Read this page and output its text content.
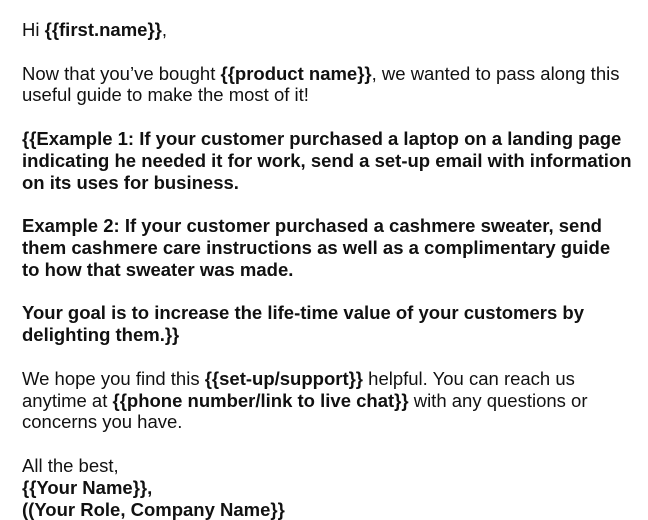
Hi {{first.name}},

Now that you’ve bought {{product name}}, we wanted to pass along this useful guide to make the most of it!

{{Example 1: If your customer purchased a laptop on a landing page indicating he needed it for work, send a set-up email with information on its uses for business.

Example 2: If your customer purchased a cashmere sweater, send them cashmere care instructions as well as a complimentary guide to how that sweater was made.

Your goal is to increase the life-time value of your customers by delighting them.}}

We hope you find this {{set-up/support}} helpful. You can reach us anytime at {{phone number/link to live chat}} with any questions or concerns you have.

All the best,
{{Your Name}},
((Your Role, Company Name}}
